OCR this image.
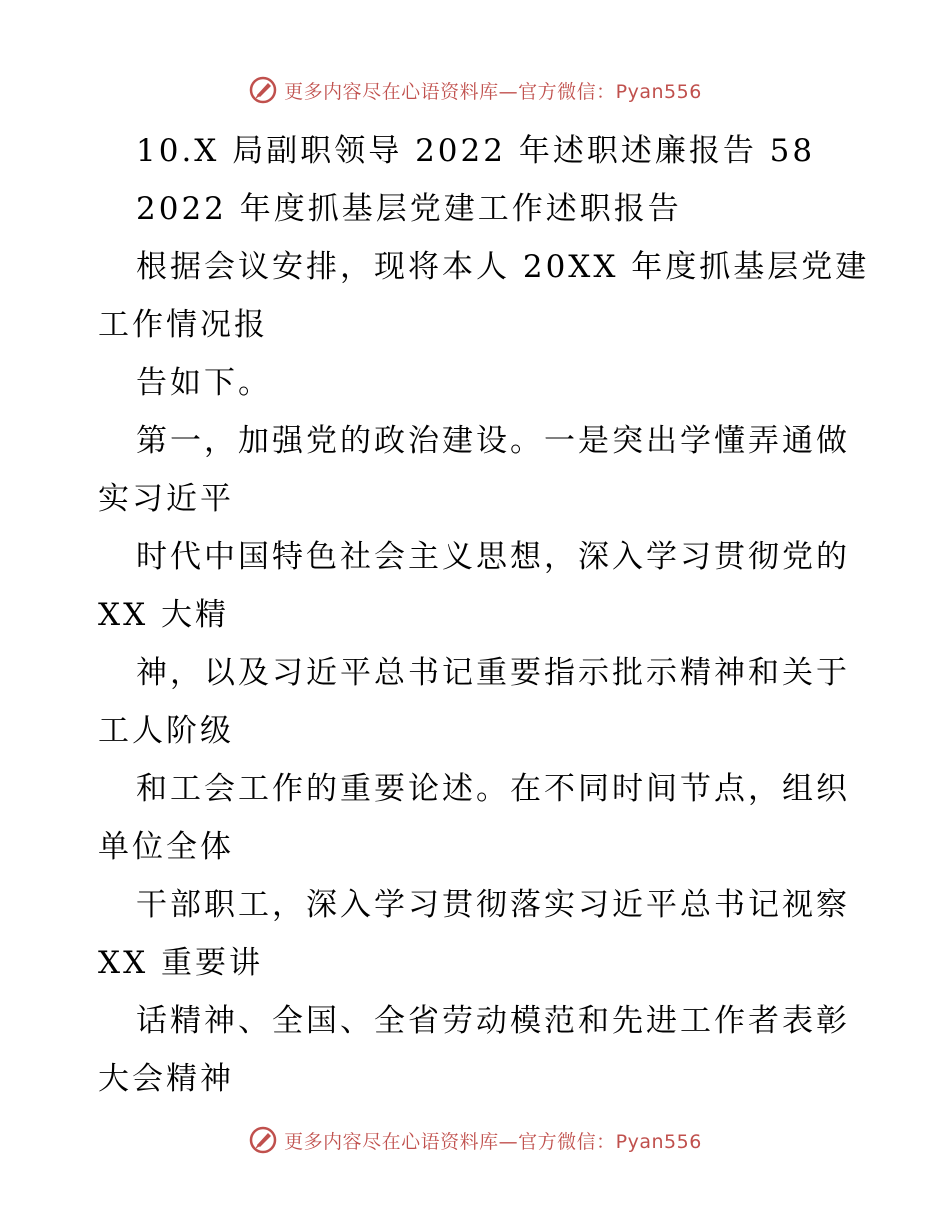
更多内容尽在心语资料库—官方微信：Pyan556
10.X 局副职领导 2022 年述职述廉报告 58
2022 年度抓基层党建工作述职报告
根据会议安排，现将本人 20XX 年度抓基层党建
工作情况报
告如下。
第一，加强党的政治建设。一是突出学懂弄通做
实习近平
时代中国特色社会主义思想，深入学习贯彻党的
XX 大精
神，以及习近平总书记重要指示批示精神和关于
工人阶级
和工会工作的重要论述。在不同时间节点，组织
单位全体
干部职工，深入学习贯彻落实习近平总书记视察
XX 重要讲
话精神、全国、全省劳动模范和先进工作者表彰
大会精神
更多内容尽在心语资料库—官方微信：Pyan556
